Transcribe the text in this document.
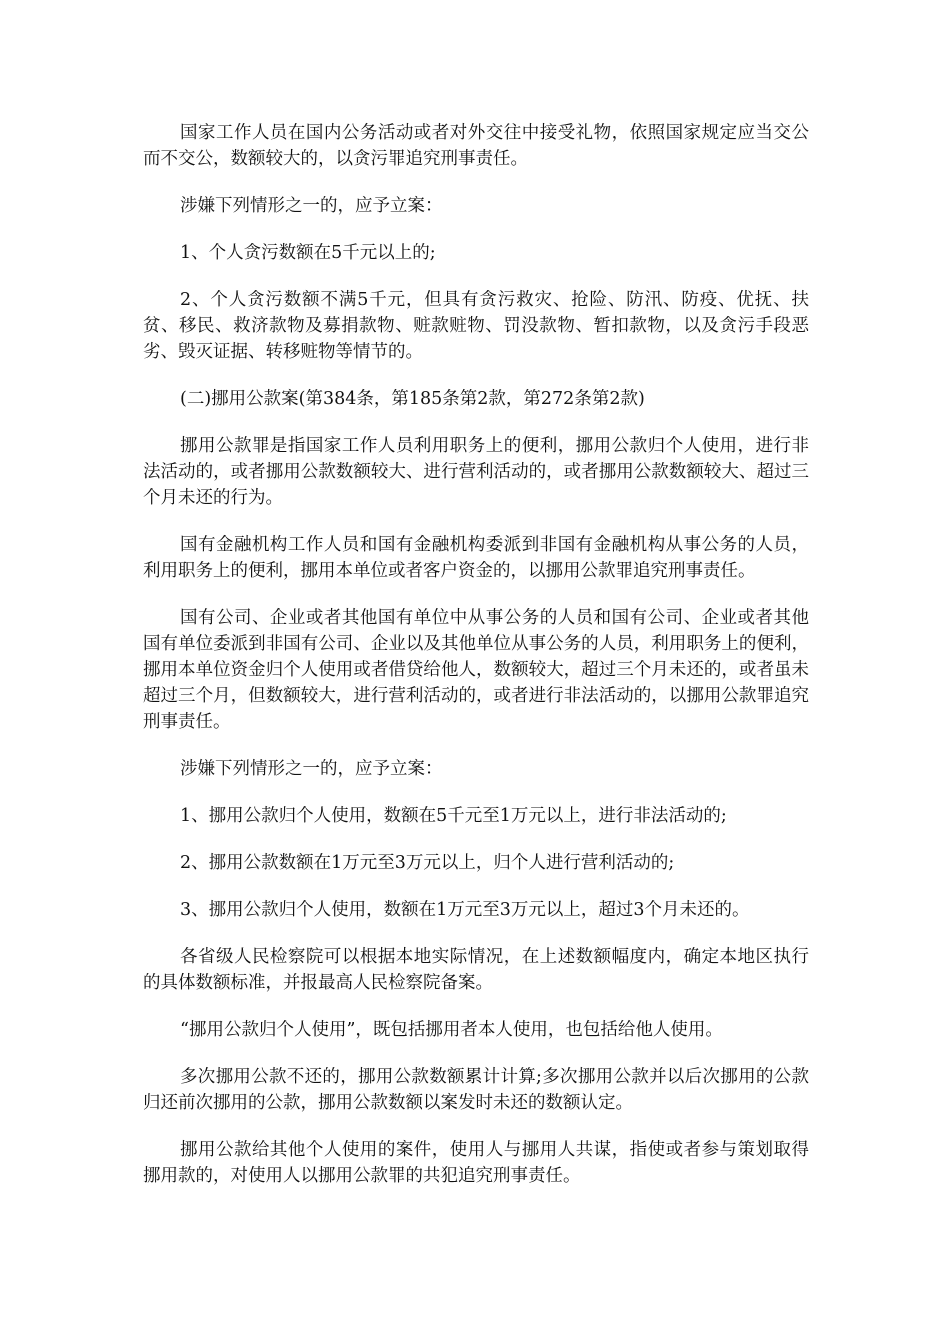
国家工作人员在国内公务活动或者对外交往中接受礼物，依照国家规定应当交公而不交公，数额较大的，以贪污罪追究刑事责任。

涉嫌下列情形之一的，应予立案：

1、个人贪污数额在5千元以上的;

2、个人贪污数额不满5千元，但具有贪污救灾、抢险、防汛、防疫、优抚、扶贫、移民、救济款物及募捐款物、赃款赃物、罚没款物、暂扣款物，以及贪污手段恶劣、毁灭证据、转移赃物等情节的。

(二)挪用公款案(第384条，第185条第2款，第272条第2款)

挪用公款罪是指国家工作人员利用职务上的便利，挪用公款归个人使用，进行非法活动的，或者挪用公款数额较大、进行营利活动的，或者挪用公款数额较大、超过三个月未还的行为。

国有金融机构工作人员和国有金融机构委派到非国有金融机构从事公务的人员，利用职务上的便利，挪用本单位或者客户资金的，以挪用公款罪追究刑事责任。

国有公司、企业或者其他国有单位中从事公务的人员和国有公司、企业或者其他国有单位委派到非国有公司、企业以及其他单位从事公务的人员，利用职务上的便利，挪用本单位资金归个人使用或者借贷给他人，数额较大，超过三个月未还的，或者虽未超过三个月，但数额较大，进行营利活动的，或者进行非法活动的，以挪用公款罪追究刑事责任。

涉嫌下列情形之一的，应予立案：

1、挪用公款归个人使用，数额在5千元至1万元以上，进行非法活动的;

2、挪用公款数额在1万元至3万元以上，归个人进行营利活动的;

3、挪用公款归个人使用，数额在1万元至3万元以上，超过3个月未还的。

各省级人民检察院可以根据本地实际情况，在上述数额幅度内，确定本地区执行的具体数额标准，并报最高人民检察院备案。

“挪用公款归个人使用”，既包括挪用者本人使用，也包括给他人使用。

多次挪用公款不还的，挪用公款数额累计计算;多次挪用公款并以后次挪用的公款归还前次挪用的公款，挪用公款数额以案发时未还的数额认定。

挪用公款给其他个人使用的案件，使用人与挪用人共谋，指使或者参与策划取得挪用款的，对使用人以挪用公款罪的共犯追究刑事责任。
